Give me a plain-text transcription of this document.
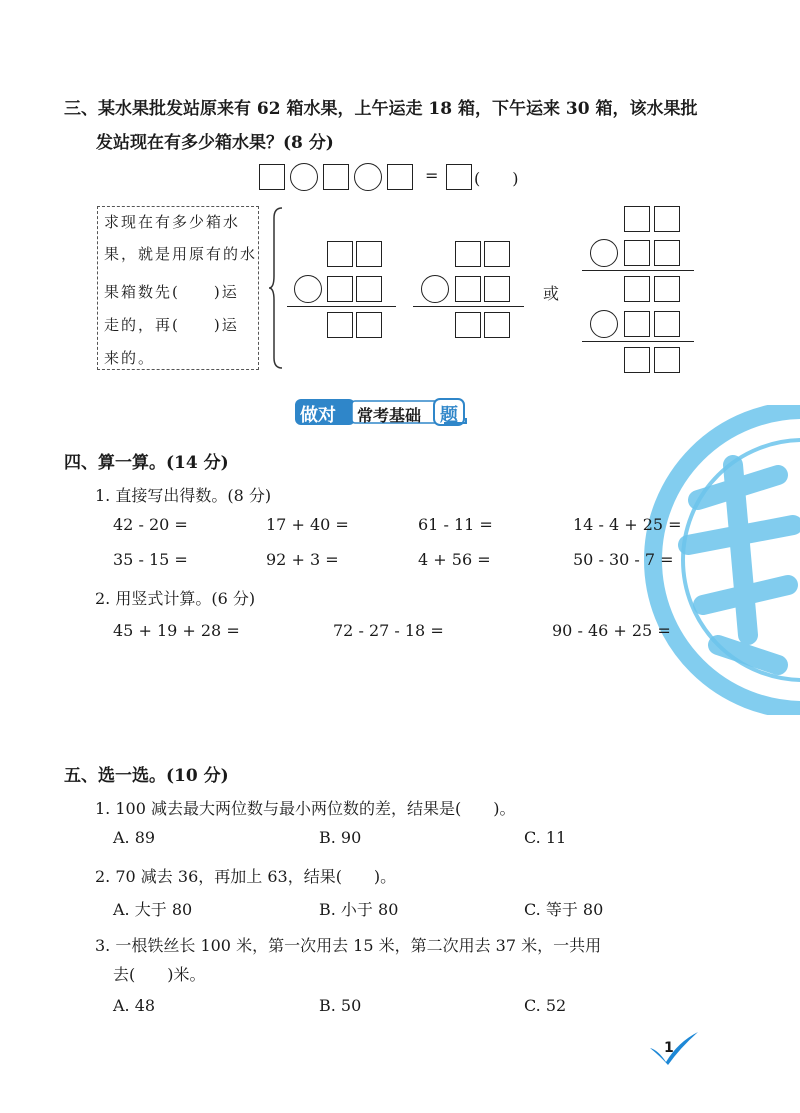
三、某水果批发站原来有 62 箱水果，上午运走 18 箱，下午运来 30 箱，该水果批
发站现在有多少箱水果？(8 分)
= (　　)
求现在有多少箱水
果，就是用原有的水
果箱数先(　　)运
走的，再(　　)运
来的。
或
做对 常考基础 题
四、算一算。(14 分)
1. 直接写出得数。(8 分)
42 - 20 =	17 + 40 =	61 - 11 =	14 - 4 + 25 =
35 - 15 =	92 + 3 =	4 + 56 =	50 - 30 - 7 =
2. 用竖式计算。(6 分)
45 + 19 + 28 =	72 - 27 - 18 =	90 - 46 + 25 =
五、选一选。(10 分)
1. 100 减去最大两位数与最小两位数的差，结果是(　　)。
A. 89	B. 90	C. 11
2. 70 减去 36，再加上 63，结果(　　)。
A. 大于 80	B. 小于 80	C. 等于 80
3. 一根铁丝长 100 米，第一次用去 15 米，第二次用去 37 米，一共用
去(　　)米。
A. 48	B. 50	C. 52
1
